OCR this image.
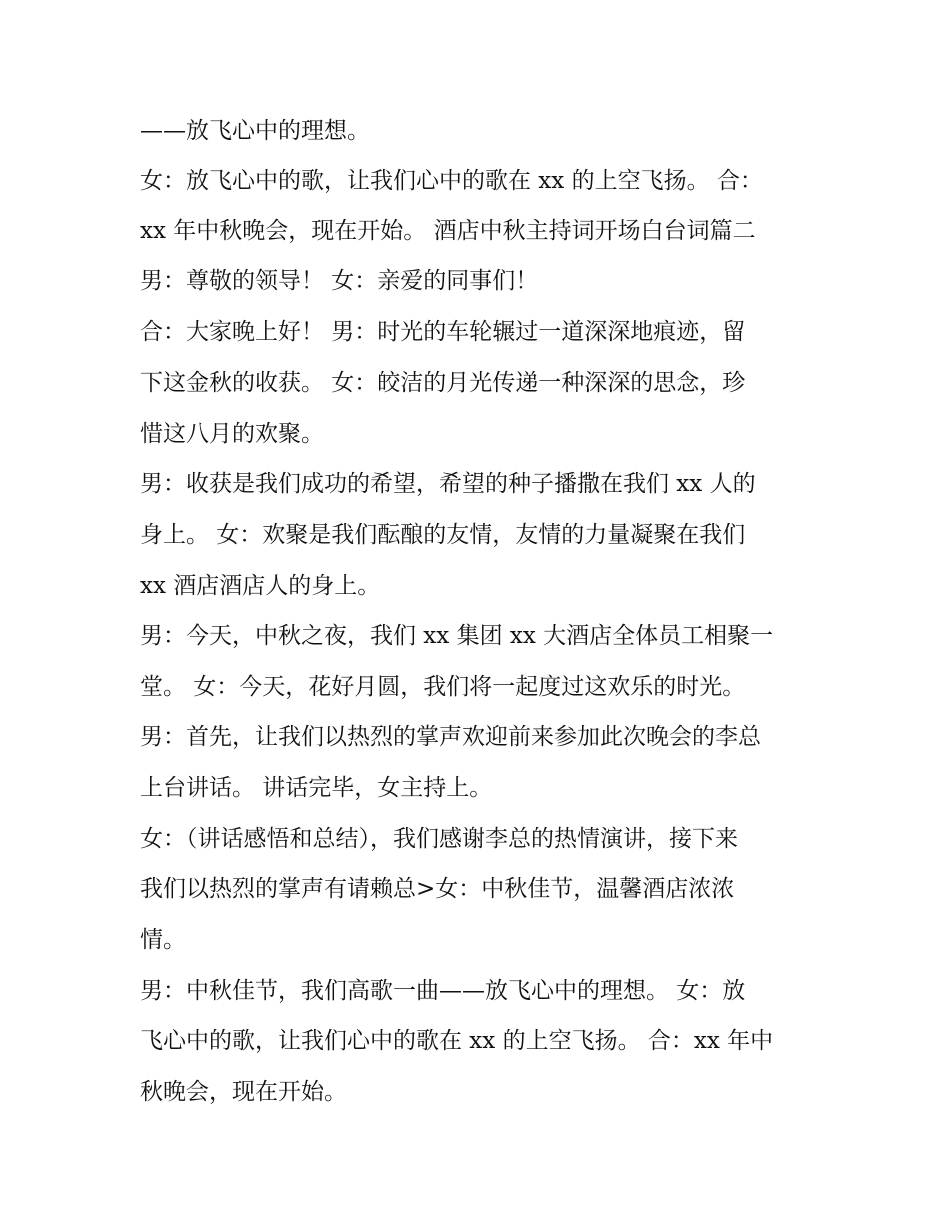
——放飞心中的理想。
女：放飞心中的歌，让我们心中的歌在 xx 的上空飞扬。 合：
xx 年中秋晚会，现在开始。 酒店中秋主持词开场白台词篇二
男：尊敬的领导！ 女：亲爱的同事们！
合：大家晚上好！ 男：时光的车轮辗过一道深深地痕迹，留
下这金秋的收获。 女：皎洁的月光传递一种深深的思念，珍
惜这八月的欢聚。
男：收获是我们成功的希望，希望的种子播撒在我们 xx 人的
身上。 女：欢聚是我们酝酿的友情，友情的力量凝聚在我们
xx 酒店酒店人的身上。
男：今天，中秋之夜，我们 xx 集团 xx 大酒店全体员工相聚一
堂。 女：今天，花好月圆，我们将一起度过这欢乐的时光。
男：首先，让我们以热烈的掌声欢迎前来参加此次晚会的李总
上台讲话。 讲话完毕，女主持上。
女：（讲话感悟和总结），我们感谢李总的热情演讲，接下来
我们以热烈的掌声有请赖总>女：中秋佳节，温馨酒店浓浓
情。
男：中秋佳节，我们高歌一曲——放飞心中的理想。 女：放
飞心中的歌，让我们心中的歌在 xx 的上空飞扬。 合：xx 年中
秋晚会，现在开始。
